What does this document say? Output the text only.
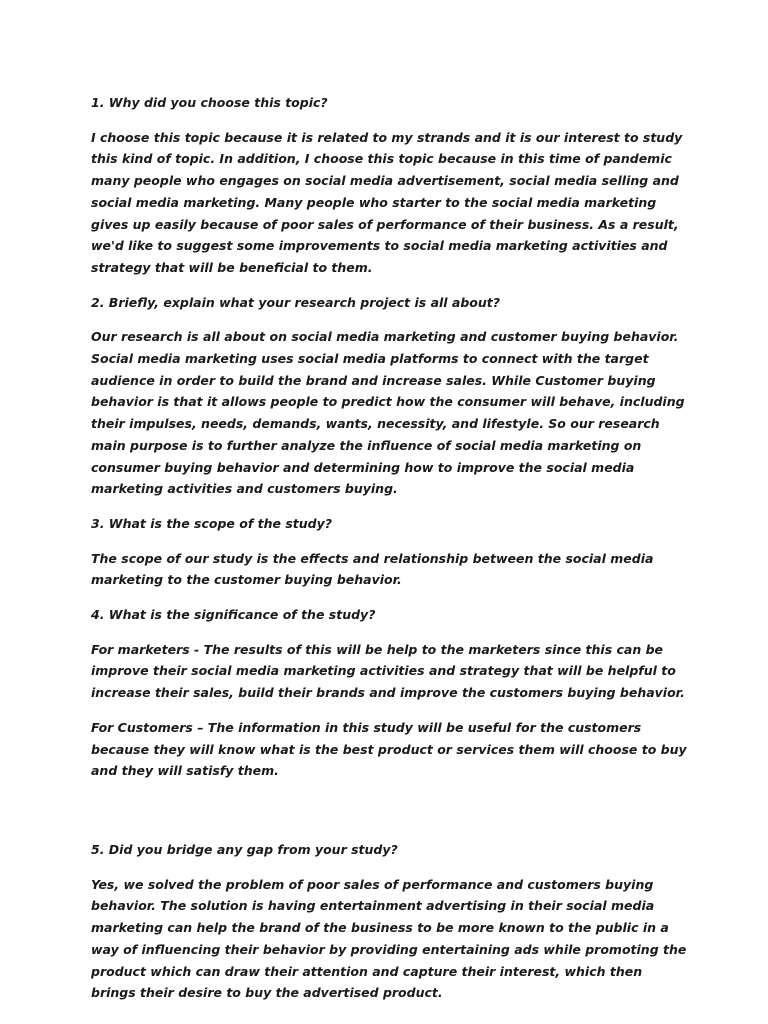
1. Why did you choose this topic?

I choose this topic because it is related to my strands and it is our interest to study this kind of topic. In addition, I choose this topic because in this time of pandemic many people who engages on social media advertisement, social media selling and social media marketing. Many people who starter to the social media marketing gives up easily because of poor sales of performance of their business. As a result, we'd like to suggest some improvements to social media marketing activities and strategy that will be beneficial to them.

2. Briefly, explain what your research project is all about?

Our research is all about on social media marketing and customer buying behavior. Social media marketing uses social media platforms to connect with the target audience in order to build the brand and increase sales. While Customer buying behavior is that it allows people to predict how the consumer will behave, including their impulses, needs, demands, wants, necessity, and lifestyle. So our research main purpose is to further analyze the influence of social media marketing on consumer buying behavior and determining how to improve the social media marketing activities and customers buying.

3. What is the scope of the study?

The scope of our study is the effects and relationship between the social media marketing to the customer buying behavior.

4. What is the significance of the study?

For marketers - The results of this will be help to the marketers since this can be improve their social media marketing activities and strategy that will be helpful to increase their sales, build their brands and improve the customers buying behavior.

For Customers – The information in this study will be useful for the customers because they will know what is the best product or services them will choose to buy and they will satisfy them.

5. Did you bridge any gap from your study?

Yes, we solved the problem of poor sales of performance and customers buying behavior. The solution is having entertainment advertising in their social media marketing can help the brand of the business to be more known to the public in a way of influencing their behavior by providing entertaining ads while promoting the product which can draw their attention and capture their interest, which then brings their desire to buy the advertised product.
